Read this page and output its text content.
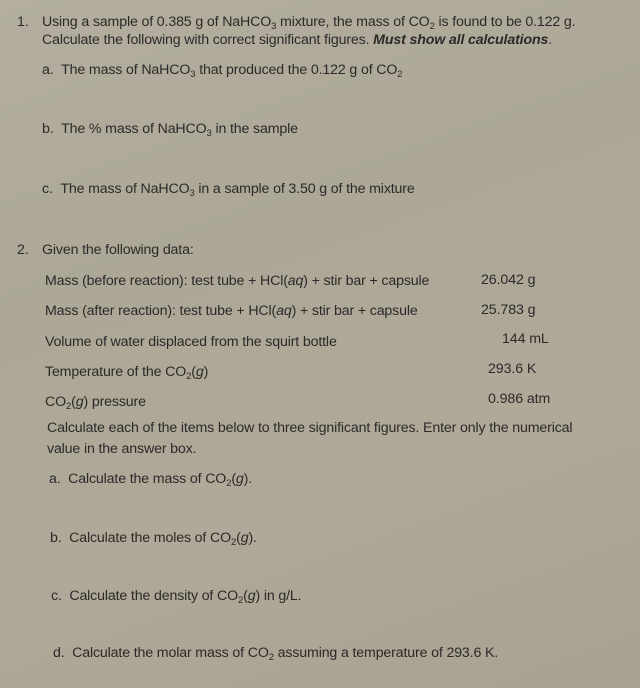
1. Using a sample of 0.385 g of NaHCO$_3$ mixture, the mass of $CO_2$ is found to be 0.122 g.
Calculate the following with correct significant figures. Must show all calculations.
a. The mass of NaHCO$_3$ that produced the 0.122 g of $CO_2$
b. The % mass of NaHCO$_3$ in the sample
c. The mass of NaHCO$_3$ in a sample of 3.50 g of the mixture
2. Given the following data:
Mass (before reaction): test tube + HCl(aq) + stir bar + capsule	26.042 g
Mass (after reaction): test tube + HCl(aq) + stir bar + capsule	25.783 g
Volume of water displaced from the squirt bottle	144 mL
Temperature of the $CO_2(g)$	293.6 K
$CO_2(g)$ pressure	0.986 atm
Calculate each of the items below to three significant figures. Enter only the numerical
value in the answer box.
a. Calculate the mass of $CO_2(g)$.
b. Calculate the moles of $CO_2(g)$.
c. Calculate the density of $CO_2(g)$ in g/L.
d. Calculate the molar mass of $CO_2$ assuming a temperature of 293.6 K.
